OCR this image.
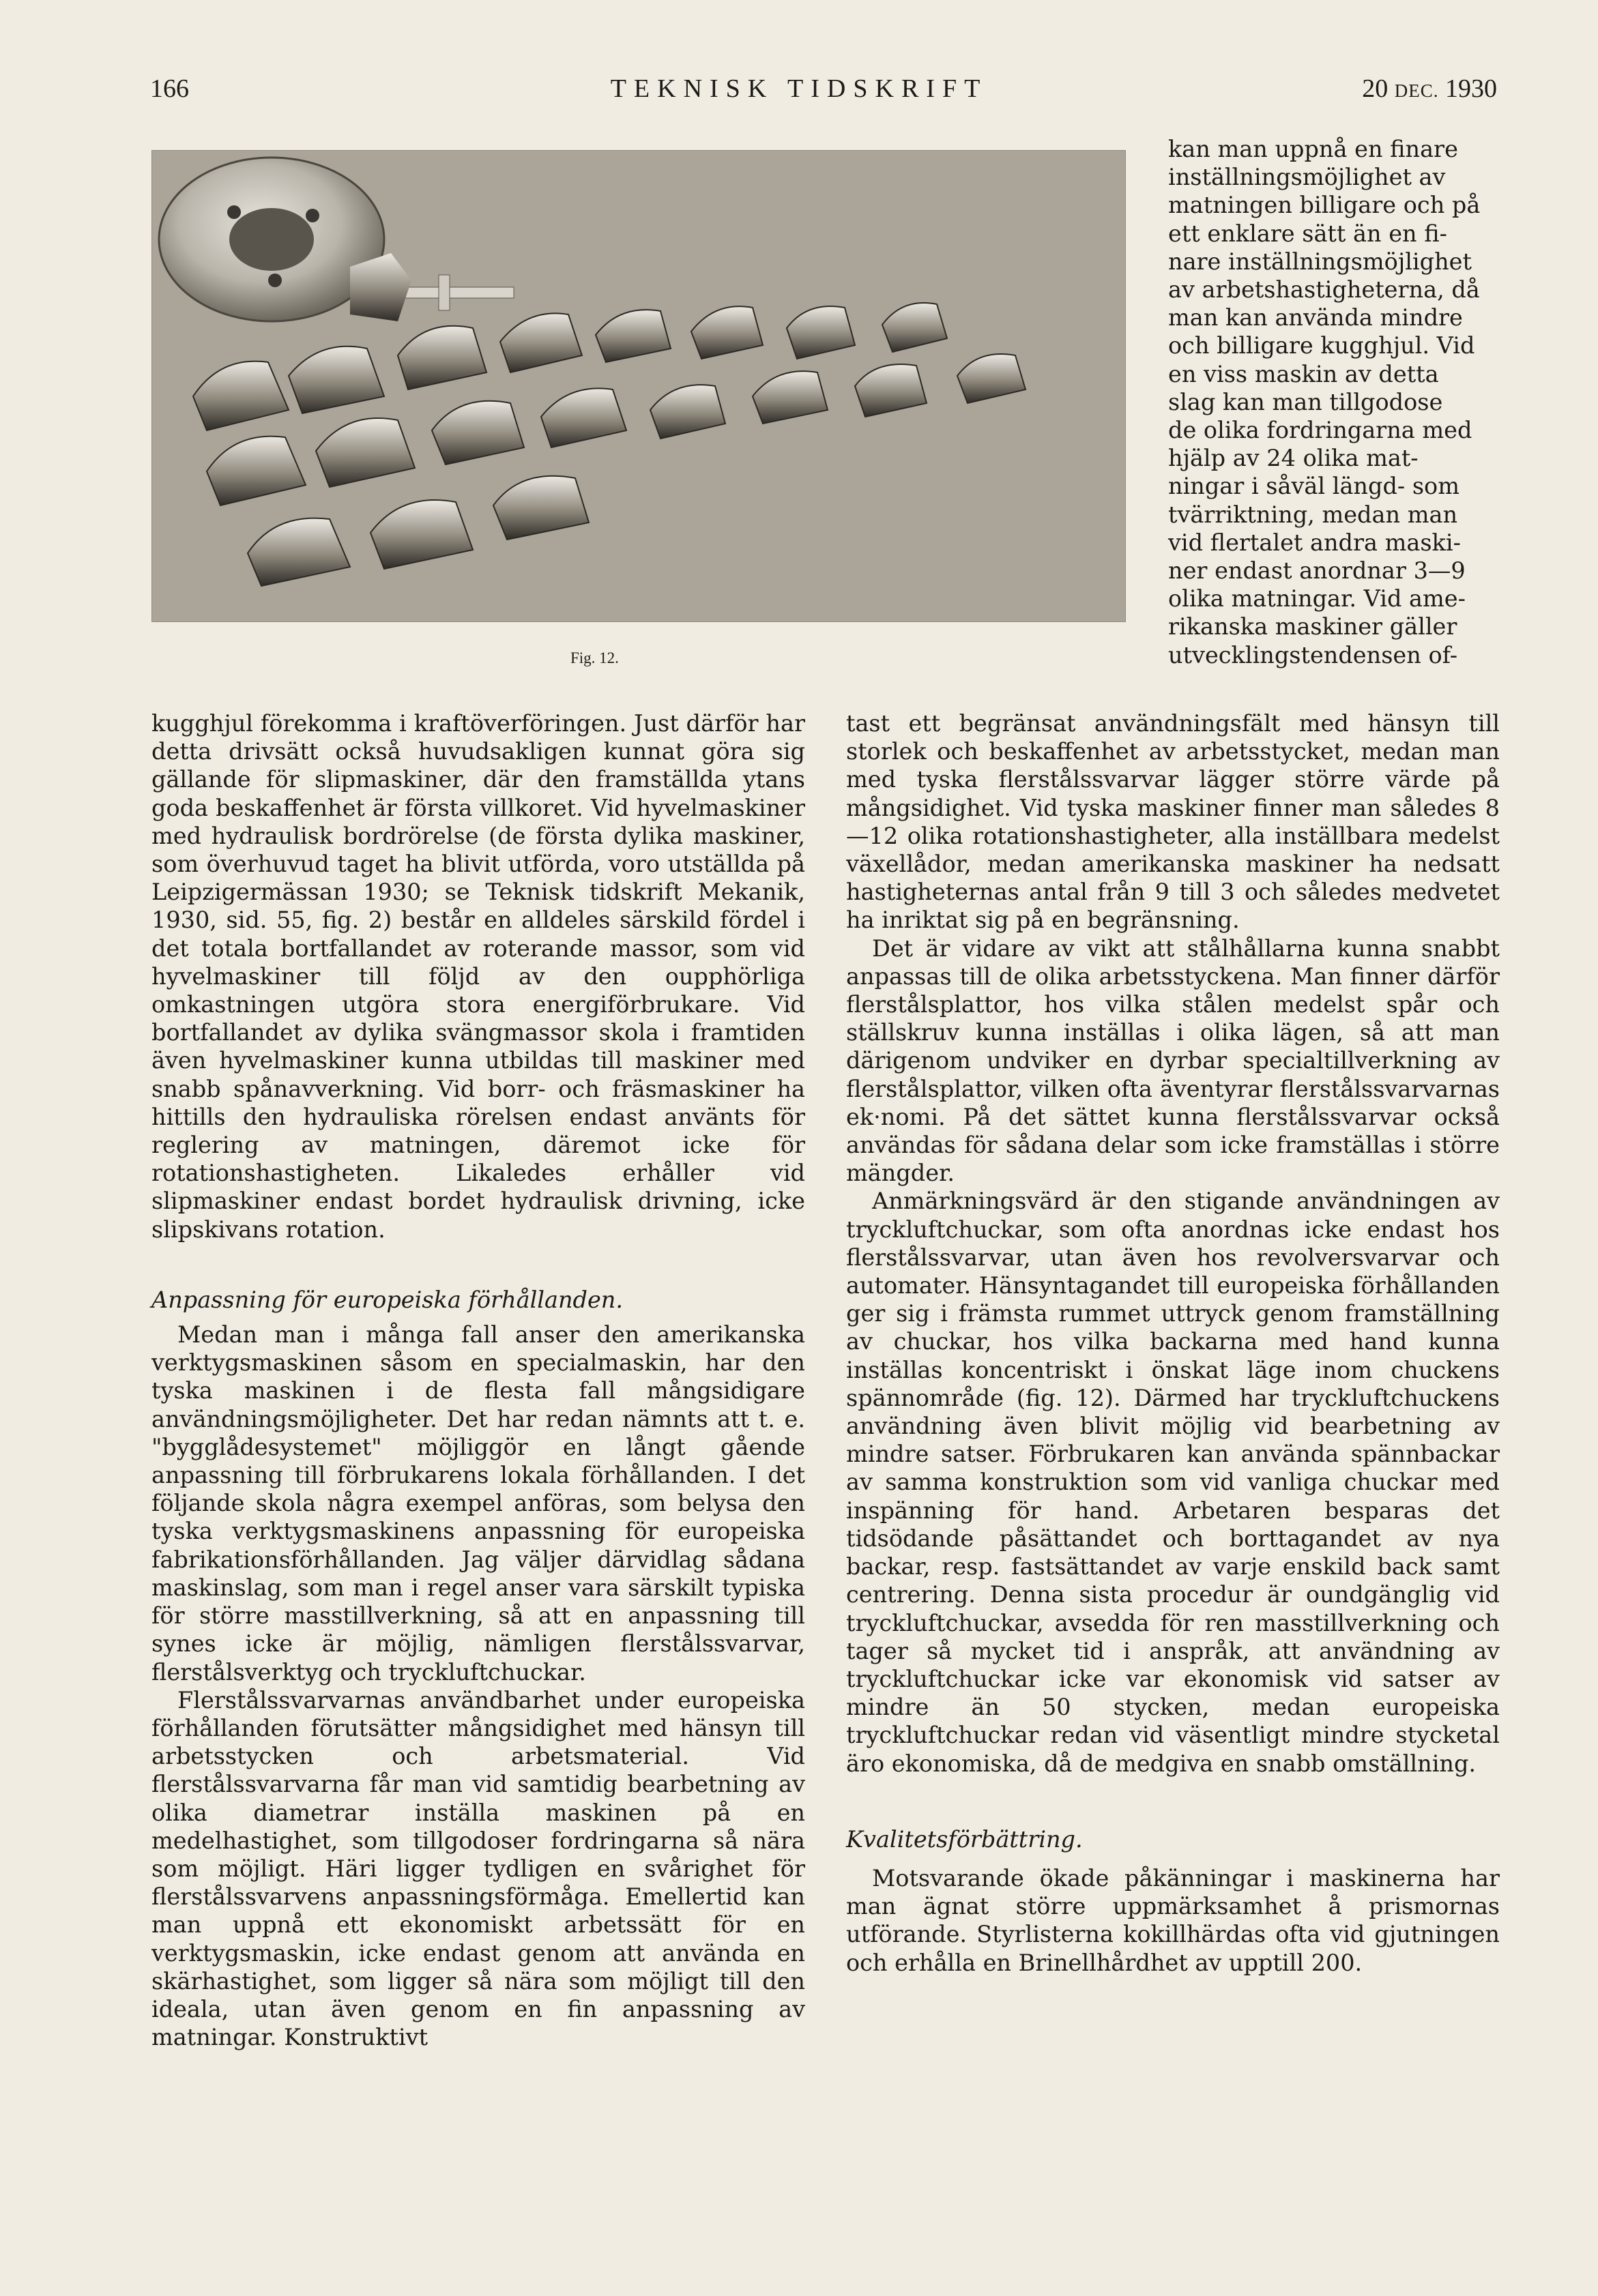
166	TEKNISK TIDSKRIFT	20 DEC. 1930
Fig. 12.

kan man uppnå en finare

inställningsmöjlighet av

matningen billigare och på

ett enklare sätt än en fi-

nare inställningsmöjlighet

av arbetshastigheterna, då

man kan använda mindre

och billigare kugghjul. Vid

en viss maskin av detta

slag kan man tillgodose

de olika fordringarna med

hjälp av 24 olika mat-

ningar i såväl längd- som

tvärriktning, medan man

vid flertalet andra maski-

ner endast anordnar 3—9

olika matningar. Vid ame-

rikanska maskiner gäller

utvecklingstendensen of-

kugghjul förekomma i kraftöverföringen. Just därför har detta drivsätt också huvudsakligen kunnat göra sig gällande för slipmaskiner, där den framställda ytans goda beskaffenhet är första villkoret. Vid hyvelmaskiner med hydraulisk bordrörelse (de första dylika maskiner, som överhuvud taget ha blivit utförda, voro utställda på Leipzigermässan 1930; se Teknisk tidskrift Mekanik, 1930, sid. 55, fig. 2) består en alldeles särskild fördel i det totala bortfallandet av roterande massor, som vid hyvelmaskiner till följd av den oupphörliga omkastningen utgöra stora energiförbrukare. Vid bortfallandet av dylika svängmassor skola i framtiden även hyvelmaskiner kunna utbildas till maskiner med snabb spånavverkning. Vid borr- och fräsmaskiner ha hittills den hydrauliska rörelsen endast använts för reglering av matningen, däremot icke för rotationshastigheten. Likaledes erhåller vid slipmaskiner endast bordet hydraulisk drivning, icke slipskivans rotation.

Anpassning för europeiska förhållanden.

Medan man i många fall anser den amerikanska verktygsmaskinen såsom en specialmaskin, har den tyska maskinen i de flesta fall mångsidigare användningsmöjligheter. Det har redan nämnts att t. e. "bygglådesystemet" möjliggör en långt gående anpassning till förbrukarens lokala förhållanden. I det följande skola några exempel anföras, som belysa den tyska verktygsmaskinens anpassning för europeiska fabrikationsförhållanden. Jag väljer därvidlag sådana maskinslag, som man i regel anser vara särskilt typiska för större masstillverkning, så att en anpassning till synes icke är möjlig, nämligen flerstålssvarvar, flerstålsverktyg och tryckluftchuckar.

Flerstålssvarvarnas användbarhet under europeiska förhållanden förutsätter mångsidighet med hänsyn till arbetsstycken och arbetsmaterial. Vid flerstålssvarvarna får man vid samtidig bearbetning av olika diametrar inställa maskinen på en medelhastighet, som tillgodoser fordringarna så nära som möjligt. Häri ligger tydligen en svårighet för flerstålssvarvens anpassningsförmåga. Emellertid kan man uppnå ett ekonomiskt arbetssätt för en verktygsmaskin, icke endast genom att använda en skärhastighet, som ligger så nära som möjligt till den ideala, utan även genom en fin anpassning av matningar. Konstruktivt

tast ett begränsat användningsfält med hänsyn till storlek och beskaffenhet av arbetsstycket, medan man med tyska flerstålssvarvar lägger större värde på mångsidighet. Vid tyska maskiner finner man således 8—12 olika rotationshastigheter, alla inställbara medelst växellådor, medan amerikanska maskiner ha nedsatt hastigheternas antal från 9 till 3 och således medvetet ha inriktat sig på en begränsning.

Det är vidare av vikt att stålhållarna kunna snabbt anpassas till de olika arbetsstyckena. Man finner därför flerstålsplattor, hos vilka stålen medelst spår och ställskruv kunna inställas i olika lägen, så att man därigenom undviker en dyrbar specialtillverkning av flerstålsplattor, vilken ofta äventyrar flerstålssvarvarnas ek·nomi. På det sättet kunna flerstålssvarvar också användas för sådana delar som icke framställas i större mängder.

Anmärkningsvärd är den stigande användningen av tryckluftchuckar, som ofta anordnas icke endast hos flerstålssvarvar, utan även hos revolversvarvar och automater. Hänsyntagandet till europeiska förhållanden ger sig i främsta rummet uttryck genom framställning av chuckar, hos vilka backarna med hand kunna inställas koncentriskt i önskat läge inom chuckens spännområde (fig. 12). Därmed har tryckluftchuckens användning även blivit möjlig vid bearbetning av mindre satser. Förbrukaren kan använda spännbackar av samma konstruktion som vid vanliga chuckar med inspänning för hand. Arbetaren besparas det tidsödande påsättandet och borttagandet av nya backar, resp. fastsättandet av varje enskild back samt centrering. Denna sista procedur är oundgänglig vid tryckluftchuckar, avsedda för ren masstillverkning och tager så mycket tid i anspråk, att användning av tryckluftchuckar icke var ekonomisk vid satser av mindre än 50 stycken, medan europeiska tryckluftchuckar redan vid väsentligt mindre stycketal äro ekonomiska, då de medgiva en snabb omställning.

Kvalitetsförbättring.

Motsvarande ökade påkänningar i maskinerna har man ägnat större uppmärksamhet å prismornas utförande. Styrlisterna kokillhärdas ofta vid gjutningen och erhålla en Brinellhårdhet av upptill 200.
